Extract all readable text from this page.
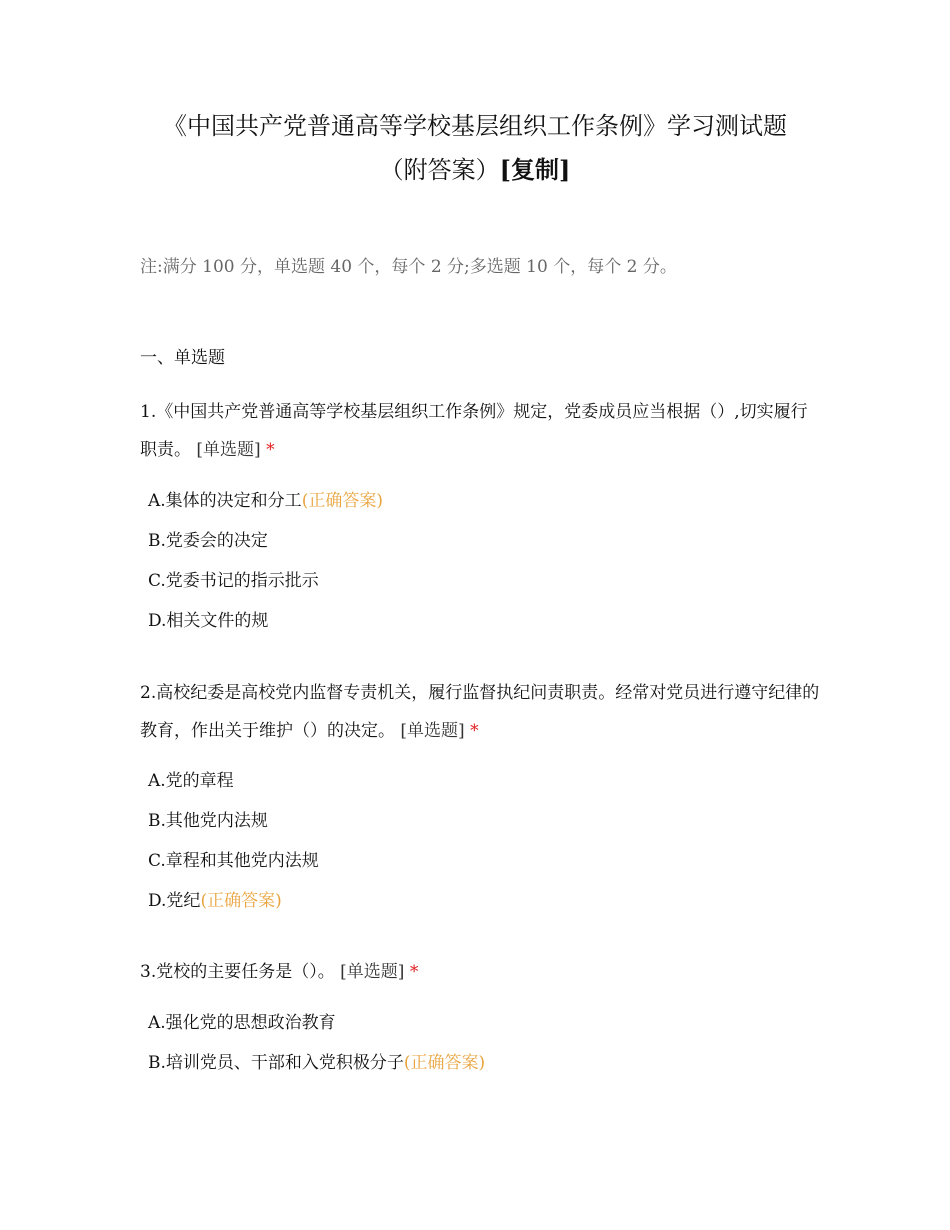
《中国共产党普通高等学校基层组织工作条例》学习测试题
（附答案）[复制]
注:满分 100 分，单选题 40 个，每个 2 分;多选题 10 个，每个 2 分。
一、单选题
1.《中国共产党普通高等学校基层组织工作条例》规定，党委成员应当根据（）,切实履行职责。 [单选题] *
A.集体的决定和分工(正确答案)
B.党委会的决定
C.党委书记的指示批示
D.相关文件的规
2.高校纪委是高校党内监督专责机关，履行监督执纪问责职责。经常对党员进行遵守纪律的教育，作出关于维护（）的决定。 [单选题] *
A.党的章程
B.其他党内法规
C.章程和其他党内法规
D.党纪(正确答案)
3.党校的主要任务是（）。 [单选题] *
A.强化党的思想政治教育
B.培训党员、干部和入党积极分子(正确答案)
